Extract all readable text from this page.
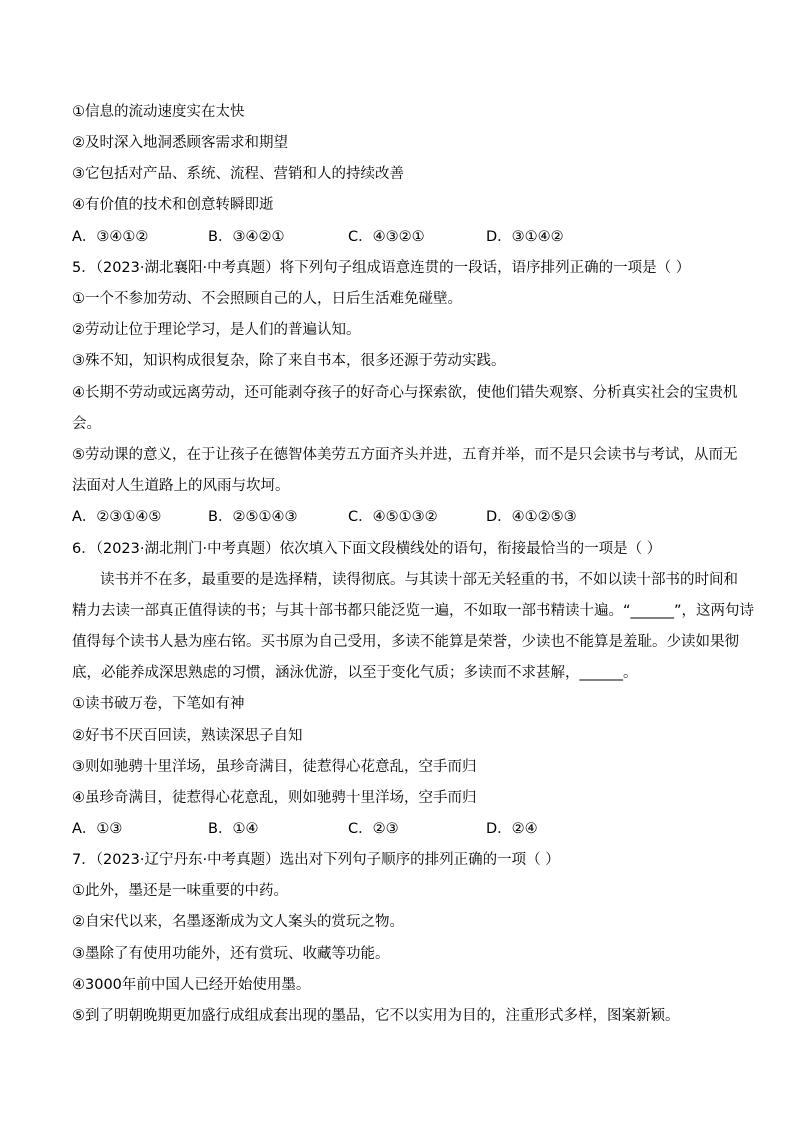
①信息的流动速度实在太快
②及时深入地洞悉顾客需求和期望
③它包括对产品、系统、流程、营销和人的持续改善
④有价值的技术和创意转瞬即逝
A．③④①②	B．③④②①	C．④③②①	D．③①④②
5．（2023·湖北襄阳·中考真题）将下列句子组成语意连贯的一段话，语序排列正确的一项是（ ）
①一个不参加劳动、不会照顾自己的人，日后生活难免碰壁。
②劳动让位于理论学习，是人们的普遍认知。
③殊不知，知识构成很复杂，除了来自书本，很多还源于劳动实践。
④长期不劳动或远离劳动，还可能剥夺孩子的好奇心与探索欲，使他们错失观察、分析真实社会的宝贵机
会。
⑤劳动课的意义，在于让孩子在德智体美劳五方面齐头并进，五育并举，而不是只会读书与考试，从而无
法面对人生道路上的风雨与坎坷。
A．②③①④⑤	B．②⑤①④③	C．④⑤①③②	D．④①②⑤③
6．（2023·湖北荆门·中考真题）依次填入下面文段横线处的语句，衔接最恰当的一项是（ ）
读书并不在多，最重要的是选择精，读得彻底。与其读十部无关轻重的书，不如以读十部书的时间和
精力去读一部真正值得读的书；与其十部书都只能泛览一遍，不如取一部书精读十遍。“______”，这两句诗
值得每个读书人悬为座右铭。买书原为自己受用，多读不能算是荣誉，少读也不能算是羞耻。少读如果彻
底，必能养成深思熟虑的习惯，涵泳优游，以至于变化气质；多读而不求甚解，______。
①读书破万卷，下笔如有神
②好书不厌百回读，熟读深思子自知
③则如驰骋十里洋场，虽珍奇满目，徒惹得心花意乱，空手而归
④虽珍奇满目，徒惹得心花意乱，则如驰骋十里洋场，空手而归
A．①③	B．①④	C．②③	D．②④
7．（2023·辽宁丹东·中考真题）选出对下列句子顺序的排列正确的一项（ ）
①此外，墨还是一味重要的中药。
②自宋代以来，名墨逐渐成为文人案头的赏玩之物。
③墨除了有使用功能外，还有赏玩、收藏等功能。
④3000年前中国人已经开始使用墨。
⑤到了明朝晚期更加盛行成组成套出现的墨品，它不以实用为目的，注重形式多样，图案新颖。
